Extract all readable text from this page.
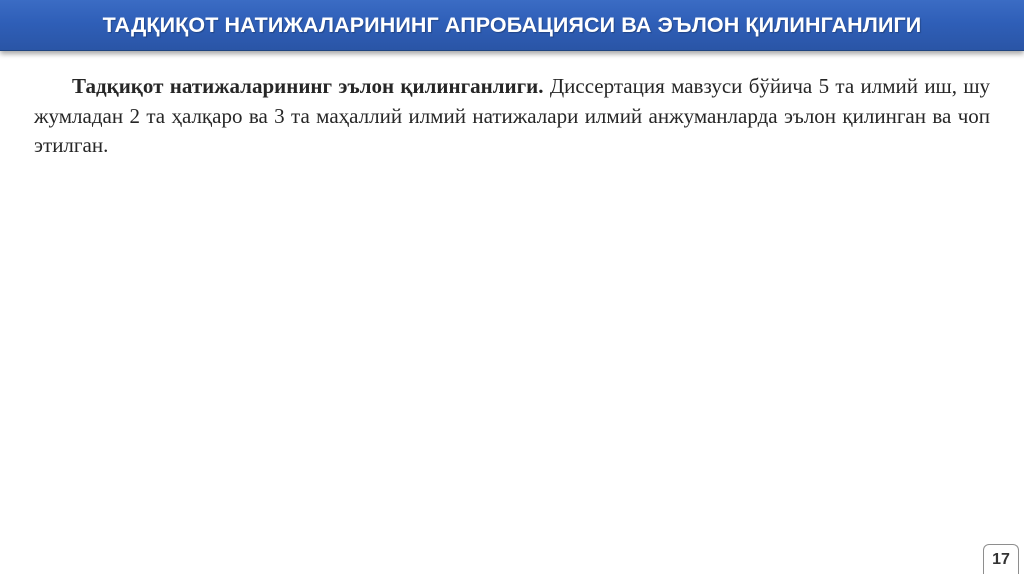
ТАДҚИҚОТ НАТИЖАЛАРИНИНГ АПРОБАЦИЯСИ ВА ЭЪЛОН ҚИЛИНГАНЛИГИ

Тадқиқот натижаларининг эълон қилинганлиги. Диссертация мавзуси бўйича 5 та илмий иш, шу жумладан 2 та ҳалқаро ва 3 та маҳаллий илмий натижалари илмий анжуманларда эълон қилинган ва чоп этилган.

17
